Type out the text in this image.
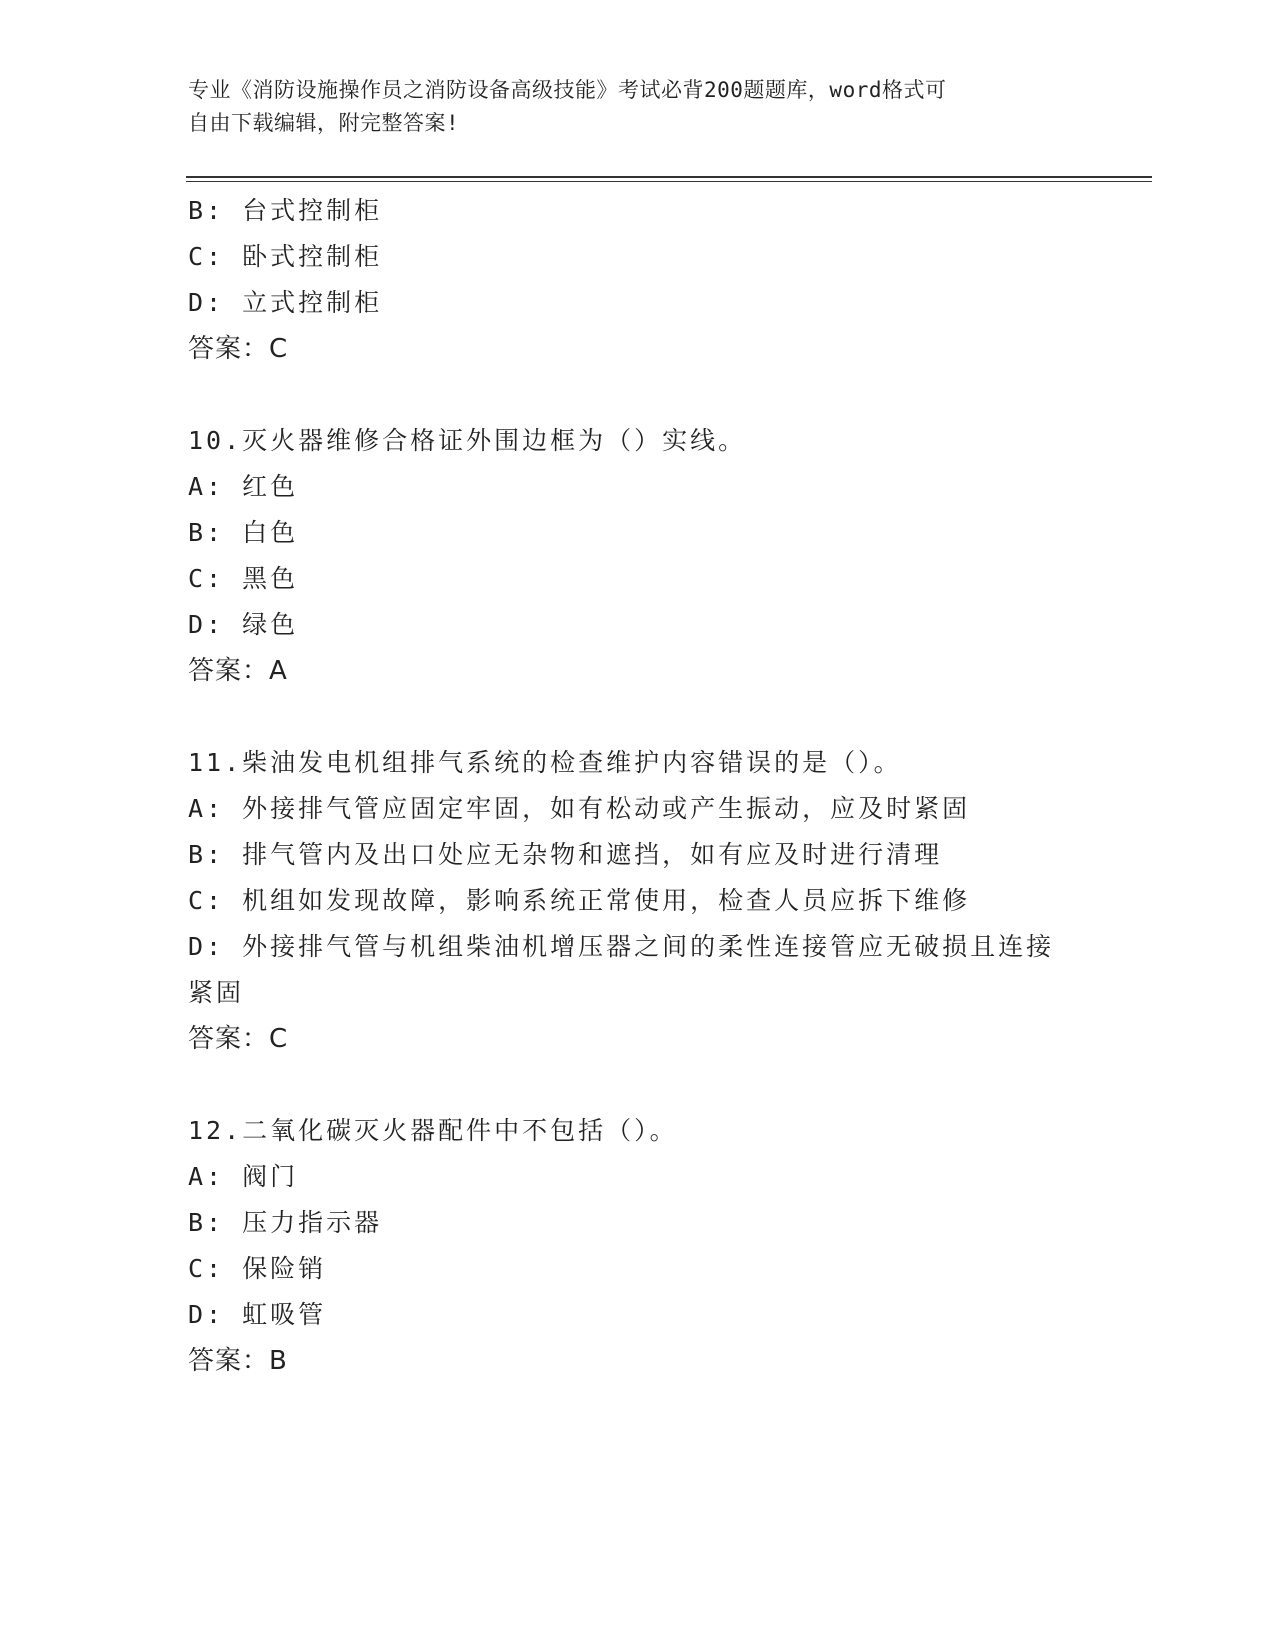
专业《消防设施操作员之消防设备高级技能》考试必背200题题库，word格式可
自由下载编辑，附完整答案!
B: 台式控制柜
C: 卧式控制柜
D: 立式控制柜
答案：C
10.灭火器维修合格证外围边框为（）实线。
A: 红色
B: 白色
C: 黑色
D: 绿色
答案：A
11.柴油发电机组排气系统的检查维护内容错误的是（）。
A: 外接排气管应固定牢固，如有松动或产生振动，应及时紧固
B: 排气管内及出口处应无杂物和遮挡，如有应及时进行清理
C: 机组如发现故障，影响系统正常使用，检查人员应拆下维修
D: 外接排气管与机组柴油机增压器之间的柔性连接管应无破损且连接
紧固
答案：C
12.二氧化碳灭火器配件中不包括（）。
A: 阀门
B: 压力指示器
C: 保险销
D: 虹吸管
答案：B
